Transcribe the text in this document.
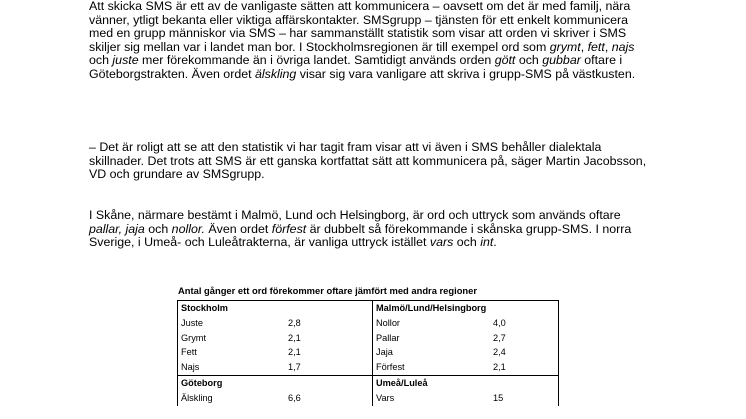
Att skicka SMS är ett av de vanligaste sätten att kommunicera – oavsett om det är med familj, nära vänner, ytligt bekanta eller viktiga affärskontakter. SMSgrupp – tjänsten för ett enkelt kommunicera med en grupp människor via SMS – har sammanställt statistik som visar att orden vi skriver i SMS skiljer sig mellan var i landet man bor. I Stockholmsregionen är till exempel ord som grymt, fett, najs och juste mer förekommande än i övriga landet. Samtidigt används orden gött och gubbar oftare i Göteborgstrakten. Även ordet älskling visar sig vara vanligare att skriva i grupp-SMS på västkusten.

– Det är roligt att se att den statistik vi har tagit fram visar att vi även i SMS behåller dialektala skillnader. Det trots att SMS är ett ganska kortfattat sätt att kommunicera på, säger Martin Jacobsson, VD och grundare av SMSgrupp.

I Skåne, närmare bestämt i Malmö, Lund och Helsingborg, är ord och uttryck som används oftare pallar, jaja och nollor. Även ordet förfest är dubbelt så förekommande i skånska grupp-SMS. I norra Sverige, i Umeå- och Luleåtrakterna, är vanliga uttryck istället vars och int.

Antal gånger ett ord förekommer oftare jämfört med andra regioner
Stockholm		Malmö/Lund/Helsingborg	
Juste	2,8	Nollor	4,0
Grymt	2,1	Pallar	2,7
Fett	2,1	Jaja	2,4
Najs	1,7	Förfest	2,1
Göteborg		Umeå/Luleå	
Älskling	6,6	Vars	15
